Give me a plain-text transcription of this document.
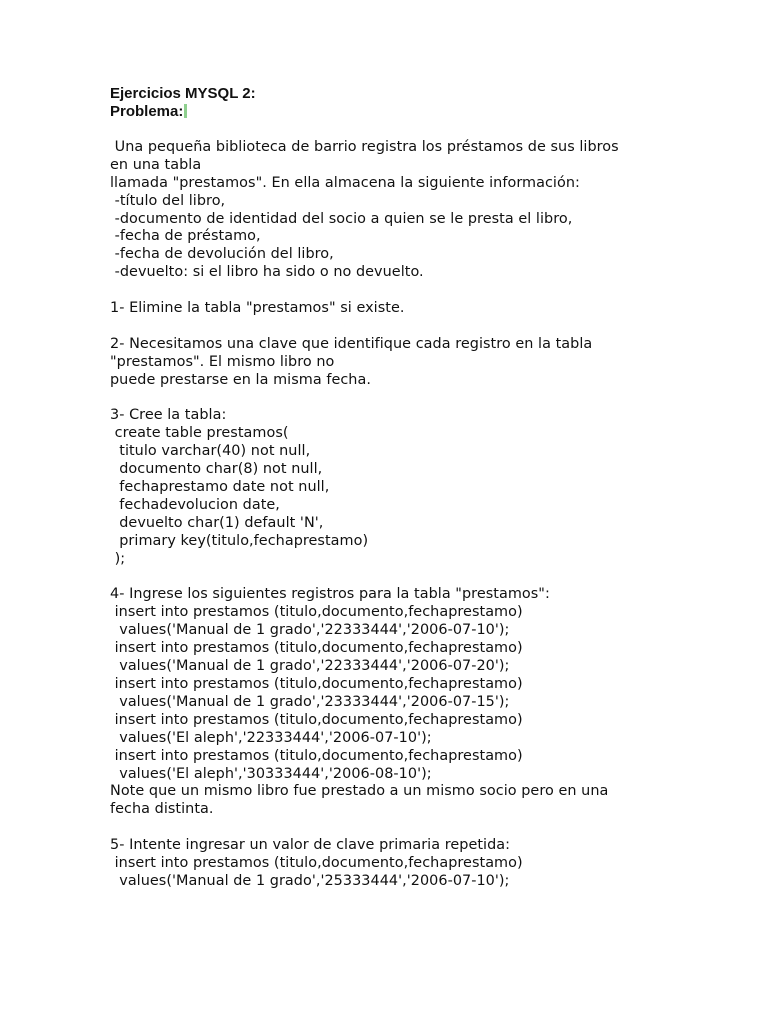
Ejercicios MYSQL 2:

Problema:

Una pequeña biblioteca de barrio registra los préstamos de sus libros

en una tabla

llamada "prestamos". En ella almacena la siguiente información:

-título del libro,

-documento de identidad del socio a quien se le presta el libro,

-fecha de préstamo,

-fecha de devolución del libro,

-devuelto: si el libro ha sido o no devuelto.

1- Elimine la tabla "prestamos" si existe.

2- Necesitamos una clave que identifique cada registro en la tabla

"prestamos". El mismo libro no

puede prestarse en la misma fecha.

3- Cree la tabla:

create table prestamos(

titulo varchar(40) not null,

documento char(8) not null,

fechaprestamo date not null,

fechadevolucion date,

devuelto char(1) default 'N',

primary key(titulo,fechaprestamo)

);

4- Ingrese los siguientes registros para la tabla "prestamos":

insert into prestamos (titulo,documento,fechaprestamo)

values('Manual de 1 grado','22333444','2006-07-10');

insert into prestamos (titulo,documento,fechaprestamo)

values('Manual de 1 grado','22333444','2006-07-20');

insert into prestamos (titulo,documento,fechaprestamo)

values('Manual de 1 grado','23333444','2006-07-15');

insert into prestamos (titulo,documento,fechaprestamo)

values('El aleph','22333444','2006-07-10');

insert into prestamos (titulo,documento,fechaprestamo)

values('El aleph','30333444','2006-08-10');

Note que un mismo libro fue prestado a un mismo socio pero en una

fecha distinta.

5- Intente ingresar un valor de clave primaria repetida:

insert into prestamos (titulo,documento,fechaprestamo)

values('Manual de 1 grado','25333444','2006-07-10');
